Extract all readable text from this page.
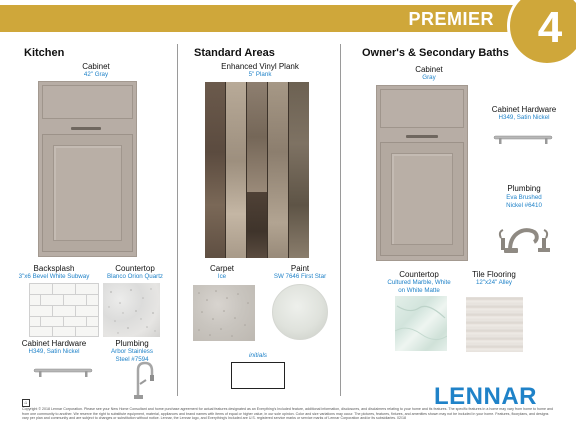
PREMIER 4
Kitchen
Cabinet
42" Gray
Backsplash
3"x6 Bevel White Subway
Countertop
Blanco Orion Quartz
Cabinet Hardware
H349, Satin Nickel
Plumbing
Arbor Stainless
Steel #7594
Standard Areas
Enhanced Vinyl Plank
5" Plank
Carpet
Ice
Paint
SW 7646 First Star
initials
Owner's & Secondary Baths
Cabinet
Gray
Cabinet Hardware
H349, Satin Nickel
Plumbing
Eva Brushed
Nickel #6410
Countertop
Cultured Marble, White
on White Matte
Tile Flooring
12"x24" Alley
⌂	LENNAR
Copyright © 2018 Lennar Corporation. Please see your New Home Consultant and home purchase agreement for actual features designated as an Everything's Included feature, additional information, disclosures, and disclaimers relating to your home and its features. The specific features in a home may vary from home to home and from one community to another. We reserve the right to substitute equipment, material, appliances and brand names with items of equal or higher value, in our sole opinion. Color and size variations may occur. The pictures, features, fixtures, and amenities shown may not be included in your home. Features, floorplans, and designs vary per plan and community and are subject to changes or substitution without notice. Lennar, the Lennar logo, and Everything's Included are U.S. registered service marks or service marks of Lennar Corporation and/or its subsidiaries. 02/18
